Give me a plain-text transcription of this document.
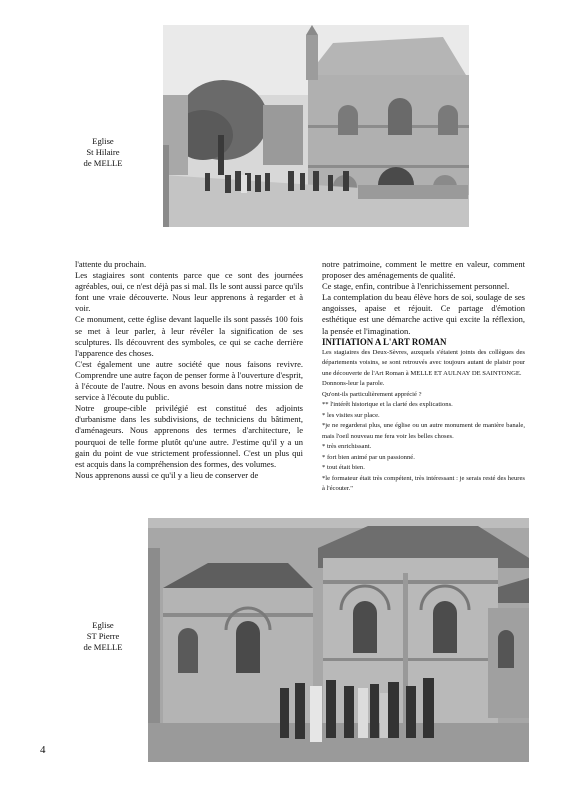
Eglise
St Hilaire
de MELLE

l'attente du prochain.

Les stagiaires sont contents parce que ce sont des journées agréables, oui, ce n'est déjà pas si mal. Ils le sont aussi parce qu'ils font une vraie découverte. Nous leur apprenons à regarder et à voir.

Ce monument, cette église devant laquelle ils sont passés 100 fois se met à leur parler, à leur révéler la signification de ses sculptures. Ils découvrent des symboles, ce qui se cache derrière l'apparence des choses.

C'est également une autre société que nous faisons revivre. Comprendre une autre façon de penser forme à l'ouverture d'esprit, à l'écoute de l'autre. Nous en avons besoin dans notre mission de service à l'écoute du public.

Notre groupe-cible privilégié est constitué des adjoints d'urbanisme dans les subdivisions, de techniciens du bâtiment, d'aménageurs. Nous apprenons des termes d'architecture, le pourquoi de telle forme plutôt qu'une autre. J'estime qu'il y a un gain du point de vue strictement professionnel. C'est un plus qui est acquis dans la compréhension des formes, des volumes.

Nous apprenons aussi ce qu'il y a lieu de conserver de

notre patrimoine, comment le mettre en valeur, comment proposer des aménagements de qualité.

Ce stage, enfin, contribue à l'enrichissement personnel.

La contemplation du beau élève hors de soi, soulage de ses angoisses, apaise et réjouit. Ce partage d'émotion esthétique est une démarche active qui excite la réflexion, la pensée et l'imagination.

INITIATION A L'ART ROMAN

Les stagiaires des Deux-Sèvres, auxquels s'étaient joints des collègues des départements voisins, se sont retrouvés avec toujours autant de plaisir pour une découverte de l'Art Roman à MELLE ET AULNAY DE SAINTONGE.

Donnons-leur la parole.

Qu'ont-ils particulièrement apprécié ?

** l'intérêt historique et la clarté des explications.

* les visites sur place.

*je ne regarderai plus, une église ou un autre monument de manière banale, mais l'oeil nouveau me fera voir les belles choses.

* très enrichissant.

* fort bien animé par un passionné.

* tout était bien.

*le formateur était très compétent, très intéressant : je serais resté des heures à l'écouter."

Eglise
ST Pierre
de MELLE
4
